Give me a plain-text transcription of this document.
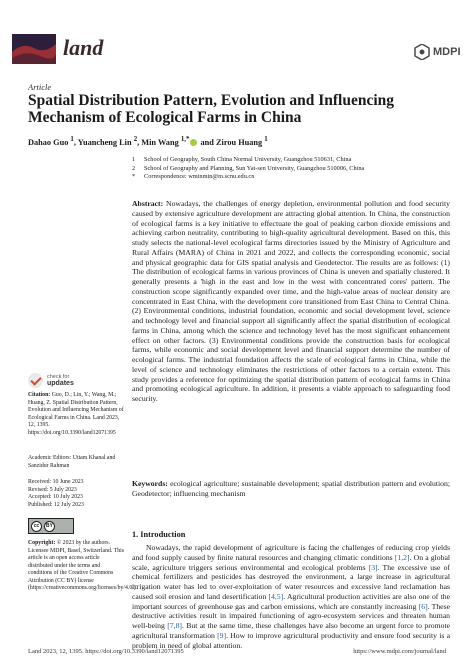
land	MDPI
Article
Spatial Distribution Pattern, Evolution and Influencing Mechanism of Ecological Farms in China
Dahao Guo $^1$, Yuancheng Lin $^2$, Min Wang $^{1,*}$ and Zirou Huang $^1$
1	School of Geography, South China Normal University, Guangzhou 510631, China
2	School of Geography and Planning, Sun Yat-sen University, Guangzhou 510006, China
*	Correspondence: wminmin@m.scnu.edu.cn
Abstract: Nowadays, the challenges of energy depletion, environmental pollution and food security caused by extensive agriculture development are attracting global attention. In China, the construction of ecological farms is a key initiative to effectuate the goal of peaking carbon dioxide emissions and achieving carbon neutrality, contributing to high-quality agricultural development. Based on this, this study selects the national-level ecological farms directories issued by the Ministry of Agriculture and Rural Affairs (MARA) of China in 2021 and 2022, and collects the corresponding economic, social and physical geographic data for GIS spatial analysis and Geodetector. The results are as follows: (1) The distribution of ecological farms in various provinces of China is uneven and spatially clustered. It generally presents a 'high in the east and low in the west with concentrated cores' pattern. The construction scope significantly expanded over time, and the high-value areas of nuclear density are concentrated in East China, with the development core transitioned from East China to Central China. (2) Environmental conditions, industrial foundation, economic and social development level, science and technology level and financial support all significantly affect the spatial distribution of ecological farms in China, among which the science and technology level has the most significant enhancement effect on other factors. (3) Environmental conditions provide the construction basis for ecological farms, while economic and social development level and financial support determine the number of ecological farms. The industrial foundation affects the scale of ecological farms in China, while the level of science and technology eliminates the restrictions of other factors to a certain extent. This study provides a reference for optimizing the spatial distribution pattern of ecological farms in China and promoting ecological agriculture. In addition, it presents a viable approach to safeguarding food security.
Keywords: ecological agriculture; sustainable development; spatial distribution pattern and evolution; Geodetector; influencing mechanism
1. Introduction
Nowadays, the rapid development of agriculture is facing the challenges of reducing crop yields and food supply caused by finite natural resources and changing climatic conditions [1,2]. On a global scale, agriculture triggers serious environmental and ecological problems [3]. The excessive use of chemical fertilizers and pesticides has destroyed the environment, a large increase in agricultural irrigation water has led to over-exploitation of water resources and excessive land reclamation has caused soil erosion and land desertification [4,5]. Agricultural production activities are also one of the important sources of greenhouse gas and carbon emissions, which are constantly increasing [6]. These destructive activities result in impaired functioning of agro-ecosystem services and threaten human well-being [7,8]. But at the same time, these challenges have also become an urgent force to promote agricultural transformation [9]. How to improve agricultural productivity and ensure food security is a problem in need of global attention.
check for
updates
Citation: Guo, D.; Lin, Y.; Wang, M.; Huang, Z. Spatial Distribution Pattern, Evolution and Influencing Mechanism of Ecological Farms in China. Land 2023, 12, 1395. https://doi.org/10.3390/land12071395
Academic Editors: Uttam Khanal and Sanzidur Rahman
Received: 10 June 2023
Revised: 5 July 2023
Accepted: 10 July 2023
Published: 12 July 2023
cc	BY
Copyright: © 2023 by the authors. Licensee MDPI, Basel, Switzerland. This article is an open access article distributed under the terms and conditions of the Creative Commons Attribution (CC BY) license (https://creativecommons.org/licenses/by/4.0/).
Land 2023, 12, 1395. https://doi.org/10.3390/land12071395	https://www.mdpi.com/journal/land
